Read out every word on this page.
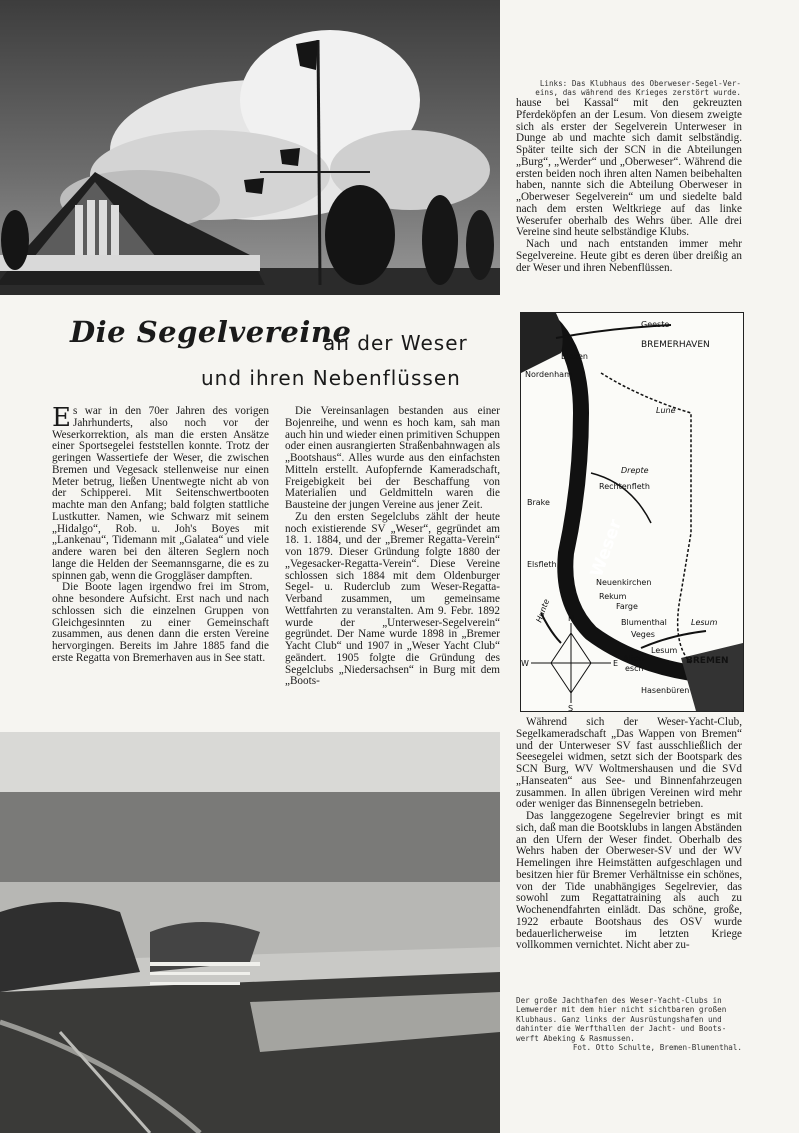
Links: Das Klubhaus des Oberweser-Segel-Ver-
eins, das während des Krieges zerstört wurde.
Die Segelvereine
an der Weser
und ihren Nebenflüssen

Es war in den 70er Jahren des vorigen Jahrhunderts, also noch vor der Weserkorrektion, als man die ersten Ansätze einer Sportsegelei feststellen konnte. Trotz der geringen Wassertiefe der Weser, die zwischen Bremen und Vegesack stellenweise nur einen Meter betrug, ließen Unentwegte nicht ab von der Schipperei. Mit Seitenschwertbooten machte man den Anfang; bald folgten stattliche Lustkutter. Namen, wie Schwarz mit seinem „Hidalgo“, Rob. u. Joh's Boyes mit „Lankenau“, Tidemann mit „Galatea“ und viele andere waren bei den älteren Seglern noch lange die Helden der Seemannsgarne, die es zu spinnen gab, wenn die Groggläser dampften.

Die Boote lagen irgendwo frei im Strom, ohne besondere Aufsicht. Erst nach und nach schlossen sich die einzelnen Gruppen von Gleichgesinnten zu einer Gemeinschaft zusammen, aus denen dann die ersten Vereine hervorgingen. Bereits im Jahre 1885 fand die erste Regatta von Bremerhaven aus in See statt.

Die Vereinsanlagen bestanden aus einer Bojenreihe, und wenn es hoch kam, sah man auch hin und wieder einen primitiven Schuppen oder einen ausrangierten Straßenbahnwagen als „Bootshaus“. Alles wurde aus den einfachsten Mitteln erstellt. Aufopfernde Kameradschaft, Freigebigkeit bei der Beschaffung von Materialien und Geldmitteln waren die Bausteine der jungen Vereine aus jener Zeit.

Zu den ersten Segelclubs zählt der heute noch existierende SV „Weser“, gegründet am 18. 1. 1884, und der „Bremer Regatta-Verein“ von 1879. Dieser Gründung folgte 1880 der „Vegesacker-Regatta-Verein“. Diese Vereine schlossen sich 1884 mit dem Oldenburger Segel- u. Ruderclub zum Weser-Regatta-Verband zusammen, um gemeinsame Wettfahrten zu veranstalten. Am 9. Febr. 1892 wurde der „Unterweser-Segelverein“ gegründet. Der Name wurde 1898 in „Bremer Yacht Club“ und 1907 in „Weser Yacht Club“ geändert. 1905 folgte die Gründung des Segelclubs „Niedersachsen“ in Burg mit dem „Boots-

hause bei Kassal“ mit den gekreuzten Pferdeköpfen an der Lesum. Von diesem zweigte sich als erster der Segelverein Unterweser in Dunge ab und machte sich damit selbständig. Später teilte sich der SCN in die Abteilungen „Burg“, „Werder“ und „Oberweser“. Während die ersten beiden noch ihren alten Namen beibehalten haben, nannte sich die Abteilung Oberweser in „Oberweser Segelverein“ um und siedelte bald nach dem ersten Weltkriege auf das linke Weserufer oberhalb des Wehrs über. Alle drei Vereine sind heute selbständige Klubs.

Nach und nach entstanden immer mehr Segelvereine. Heute gibt es deren über dreißig an der Weser und ihren Nebenflüssen.

Geeste
BREMERHAVEN
Blexen
Nordenham
Lune
Drepte
Rechtenfleth
Brake
Weser
Elsfleth
Hunte
Neuenkirchen
Rekum
Farge
Blumenthal
Veges
Lesum
Lesum
Alten-
esch
Hasenbüren
BREMEN
N
S
E
W

Während sich der Weser-Yacht-Club, Segelkameradschaft „Das Wappen von Bremen“ und der Unterweser SV fast ausschließlich der Seesegelei widmen, setzt sich der Bootspark des SCN Burg, WV Woltmershausen und die SVd „Hanseaten“ aus See- und Binnenfahrzeugen zusammen. In allen übrigen Vereinen wird mehr oder weniger das Binnensegeln betrieben.

Das langgezogene Segelrevier bringt es mit sich, daß man die Bootsklubs in langen Abständen an den Ufern der Weser findet. Oberhalb des Wehrs haben der Oberweser-SV und der WV Hemelingen ihre Heimstätten aufgeschlagen und besitzen hier für Bremer Verhältnisse ein schönes, von der Tide unabhängiges Segelrevier, das sowohl zum Regattatraining als auch zu Wochenendfahrten einlädt. Das schöne, große, 1922 erbaute Bootshaus des OSV wurde bedauerlicherweise im letzten Kriege vollkommen vernichtet. Nicht aber zu-

Der große Jachthafen des Weser-Yacht-Clubs in
Lemwerder mit dem hier nicht sichtbaren großen
Klubhaus. Ganz links der Ausrüstungshafen und
dahinter die Werfthallen der Jacht- und Boots-
werft Abeking & Rasmussen.
Fot. Otto Schulte, Bremen-Blumenthal.
